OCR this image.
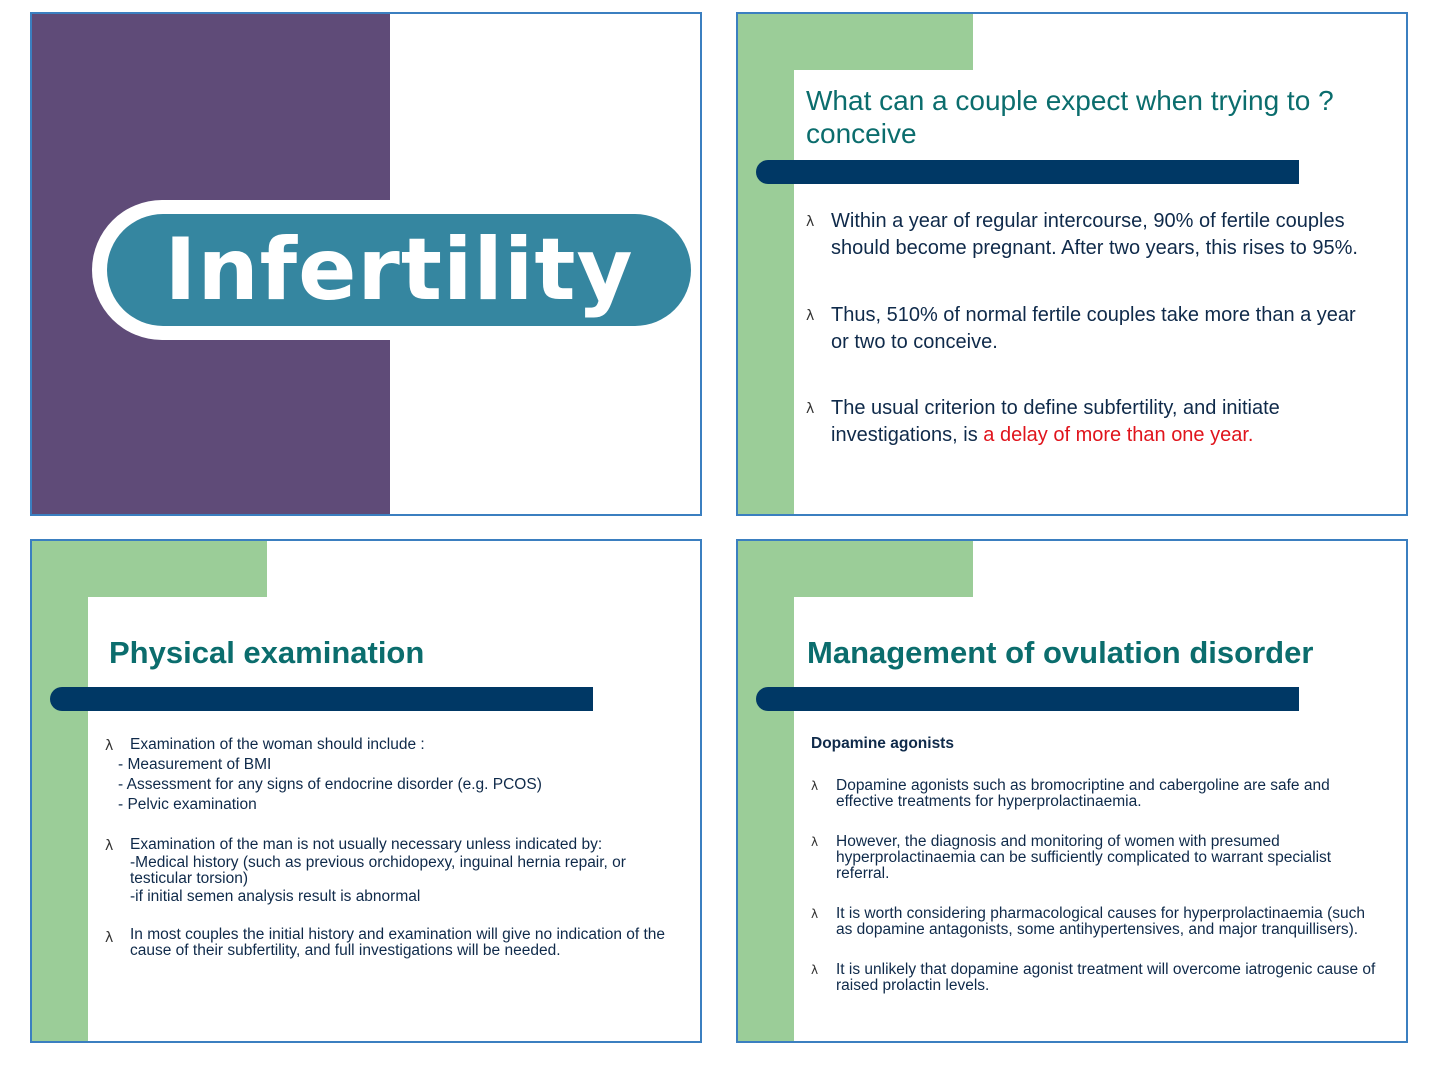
Infertility
What can a couple expect when trying to ?conceive
λ Within a year of regular intercourse, 90% of fertile couples should become pregnant. After two years, this rises to 95%.
λ Thus, 510% of normal fertile couples take more than a year or two to conceive.
λ The usual criterion to define subfertility, and initiate investigations, is a delay of more than one year.
Physical examination
λ Examination of the woman should include :
- Measurement of BMI
- Assessment for any signs of endocrine disorder (e.g. PCOS)
- Pelvic examination
λ Examination of the man is not usually necessary unless indicated by:
-Medical history (such as previous orchidopexy, inguinal hernia repair, or testicular torsion)
-if initial semen analysis result is abnormal
λ In most couples the initial history and examination will give no indication of the cause of their subfertility, and full investigations will be needed.
Management of ovulation disorder

Dopamine agonists

λ Dopamine agonists such as bromocriptine and cabergoline are safe and effective treatments for hyperprolactinaemia.
λ However, the diagnosis and monitoring of women with presumed hyperprolactinaemia can be sufficiently complicated to warrant specialist referral.
λ It is worth considering pharmacological causes for hyperprolactinaemia (such as dopamine antagonists, some antihypertensives, and major tranquillisers).
λ It is unlikely that dopamine agonist treatment will overcome iatrogenic cause of raised prolactin levels.
